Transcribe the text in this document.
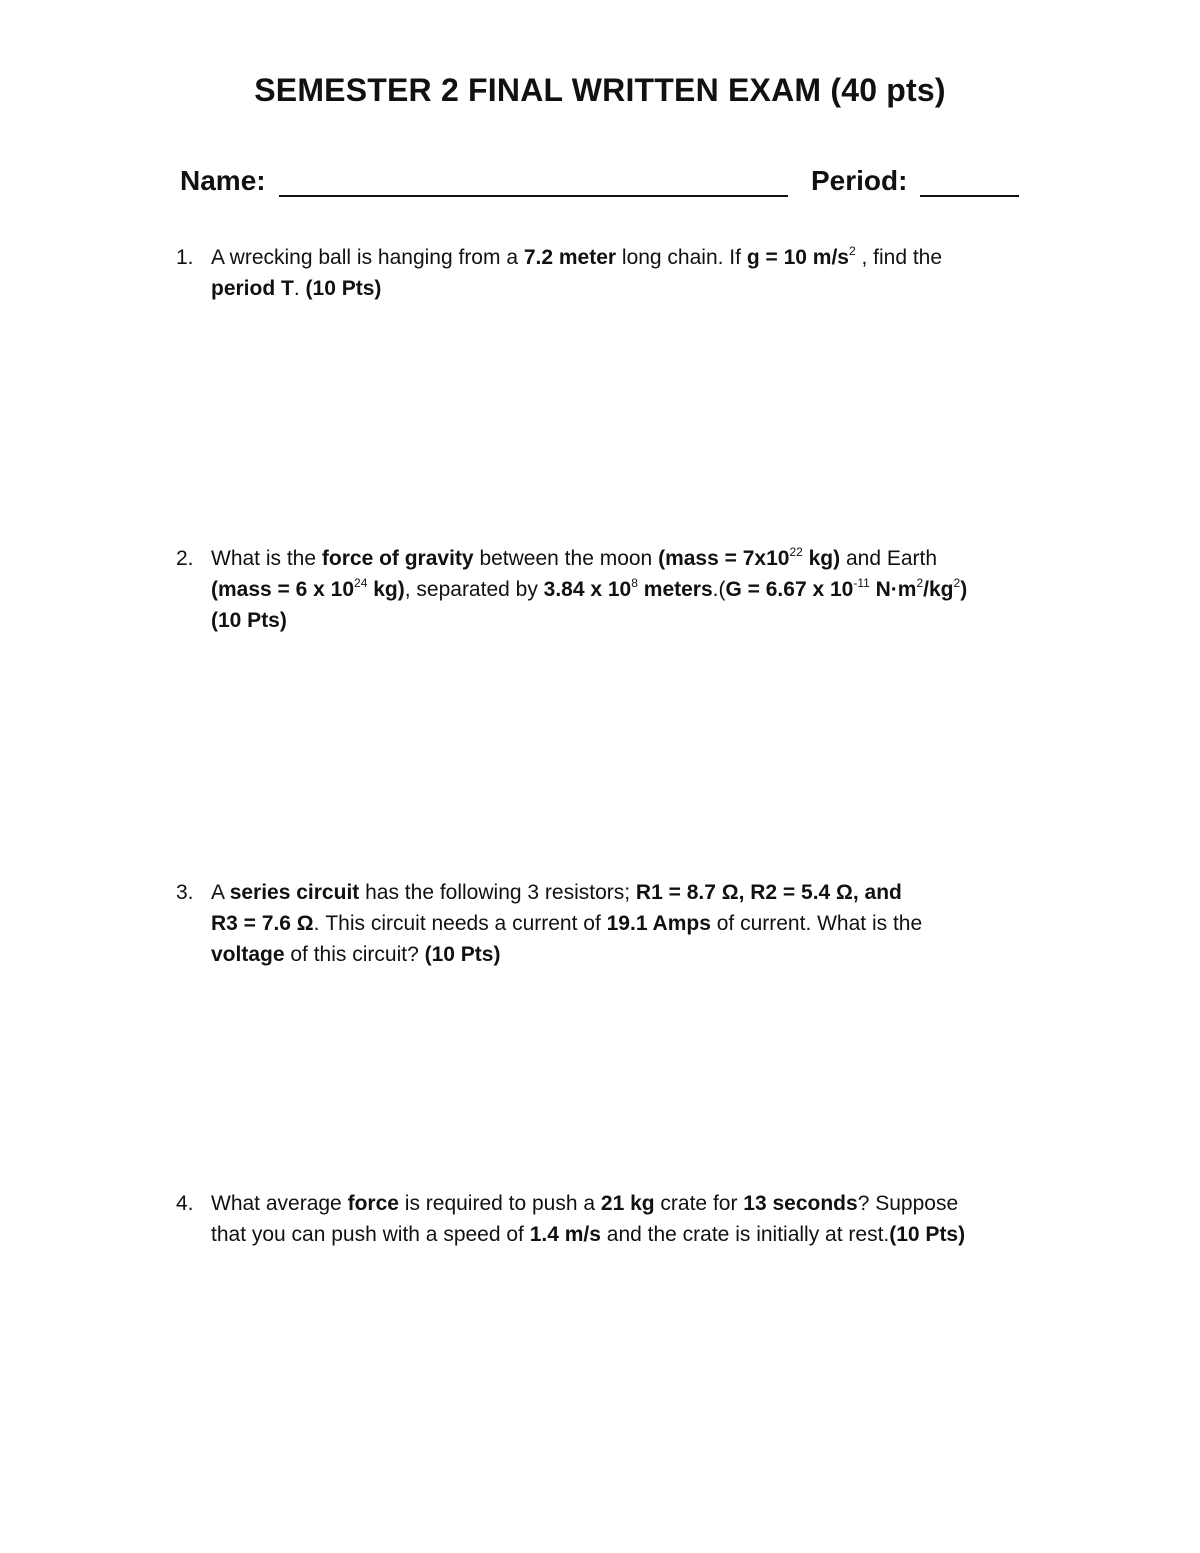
SEMESTER 2 FINAL WRITTEN EXAM (40 pts)
Name:	Period:
1. A wrecking ball is hanging from a 7.2 meter long chain. If g = 10 $m/s^2$ , find the
period T. (10 Pts)
2. What is the force of gravity between the moon (mass = $7x10^{22}$ kg) and Earth
(mass = 6 x $10^{24}$ kg), separated by 3.84 x $10^8$ meters.(G = 6.67 x $10^{-11}$ $N\cdot m^2/kg^2$)
(10 Pts)
3. A series circuit has the following 3 resistors; R1 = 8.7 Ω, R2 = 5.4 Ω, and
R3 = 7.6 Ω. This circuit needs a current of 19.1 Amps of current. What is the
voltage of this circuit? (10 Pts)
4. What average force is required to push a 21 kg crate for 13 seconds? Suppose
that you can push with a speed of 1.4 m/s and the crate is initially at rest.(10 Pts)
